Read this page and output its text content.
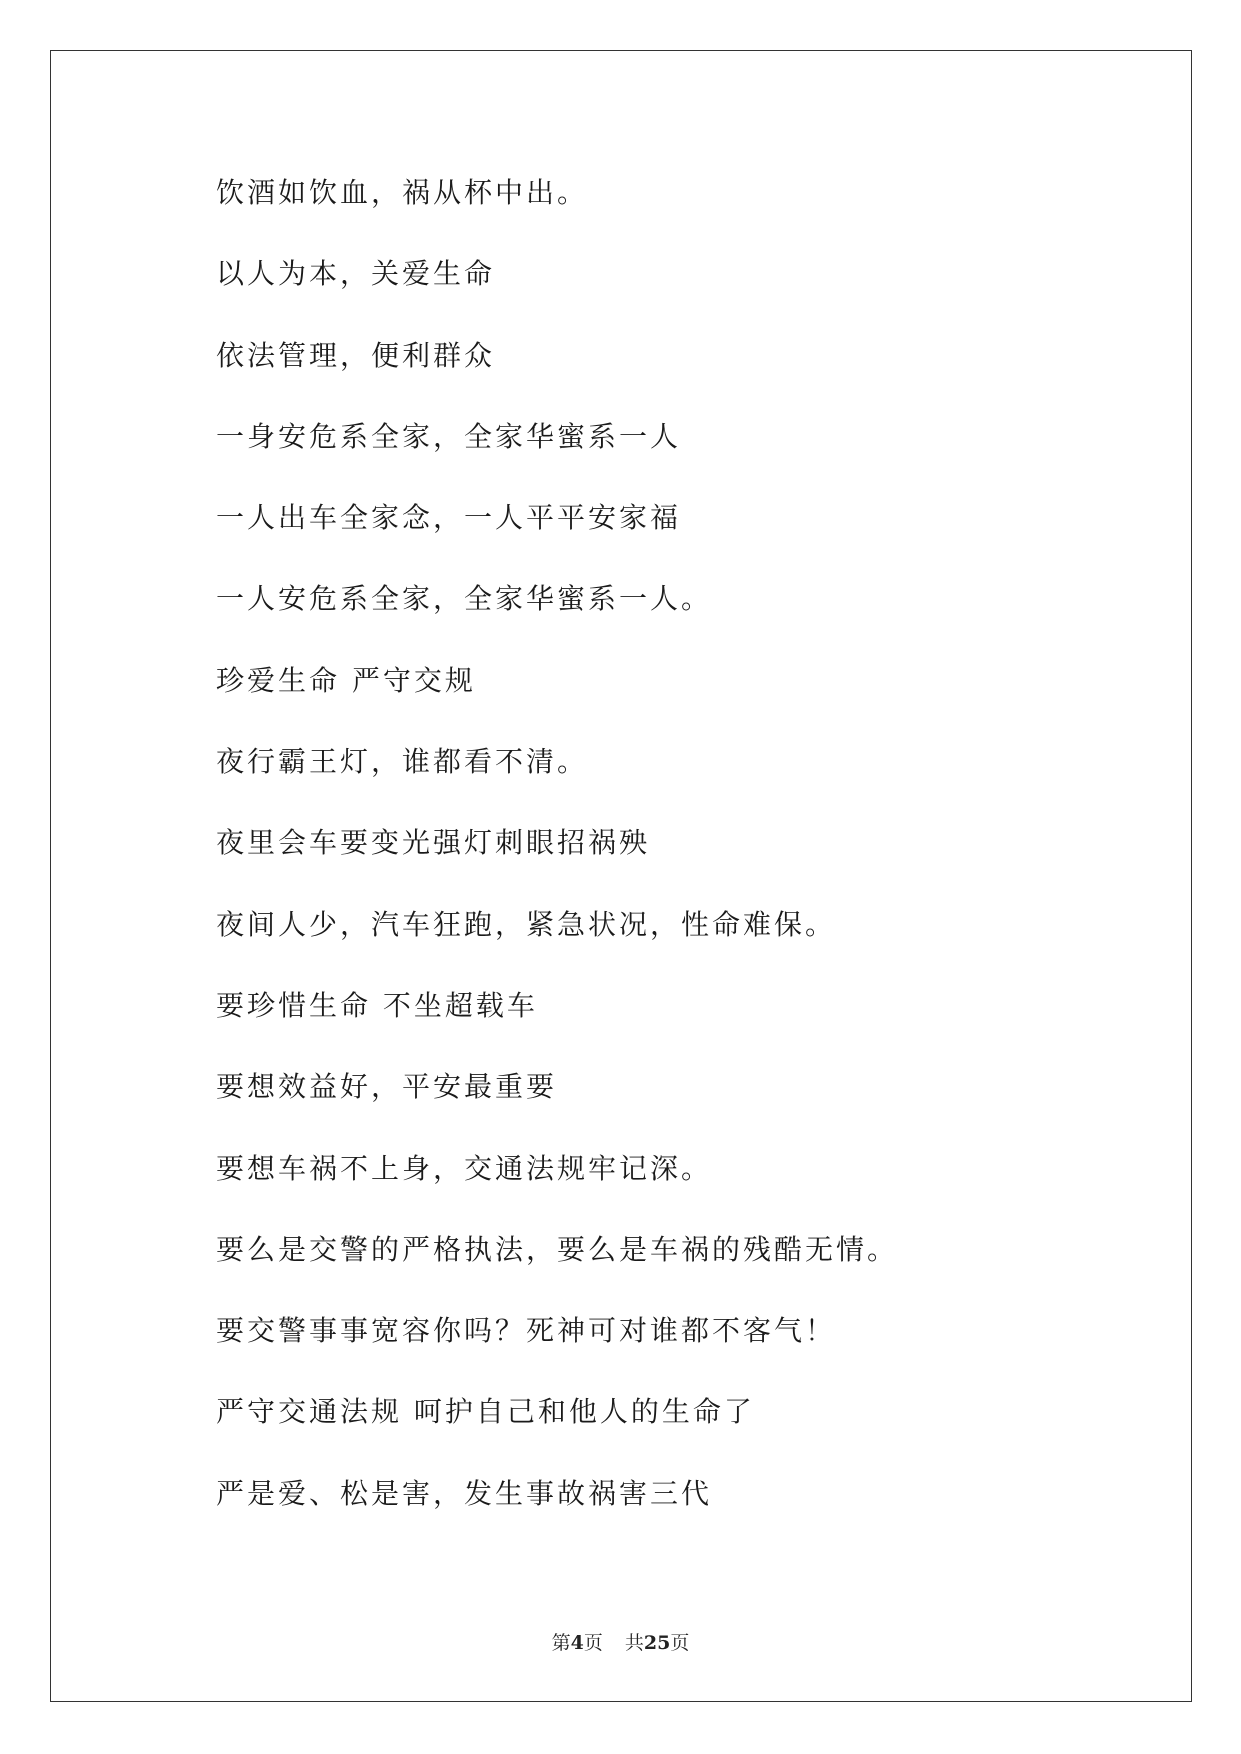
饮酒如饮血，祸从杯中出。
以人为本，关爱生命
依法管理，便利群众
一身安危系全家，全家华蜜系一人
一人出车全家念，一人平平安家福
一人安危系全家，全家华蜜系一人。
珍爱生命 严守交规
夜行霸王灯，谁都看不清。
夜里会车要变光强灯刺眼招祸殃
夜间人少，汽车狂跑，紧急状况，性命难保。
要珍惜生命 不坐超载车
要想效益好，平安最重要
要想车祸不上身，交通法规牢记深。
要么是交警的严格执法，要么是车祸的残酷无情。
要交警事事宽容你吗？死神可对谁都不客气！
严守交通法规 呵护自己和他人的生命了
严是爱、松是害，发生事故祸害三代
第4页 共25页
